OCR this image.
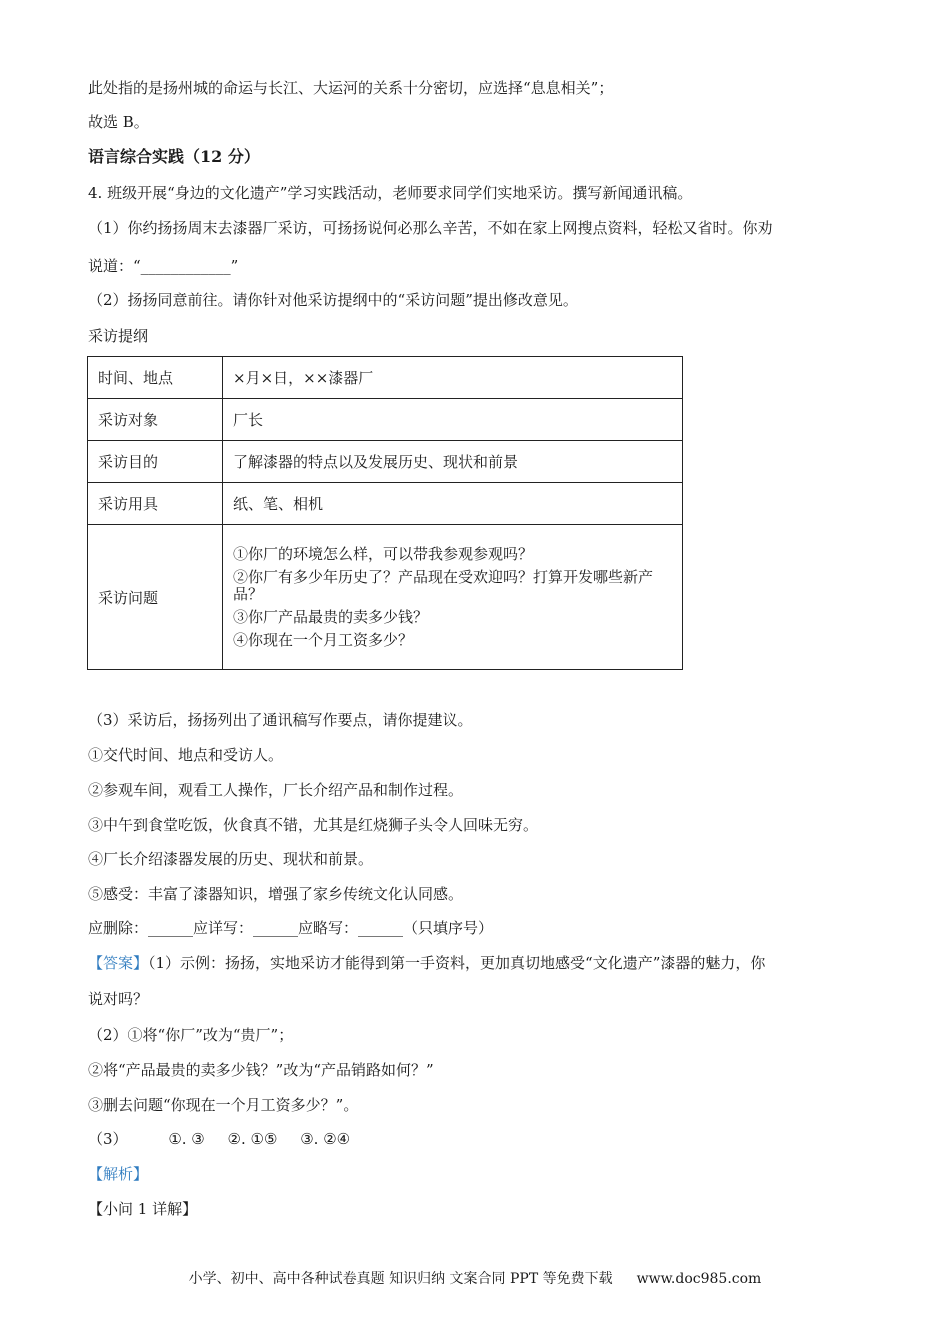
此处指的是扬州城的命运与长江、大运河的关系十分密切，应选择“息息相关”；
故选 B。
语言综合实践（12 分）
4. 班级开展“身边的文化遗产”学习实践活动，老师要求同学们实地采访。撰写新闻通讯稿。
（1）你约扬扬周末去漆器厂采访，可扬扬说何必那么辛苦，不如在家上网搜点资料，轻松又省时。你劝
说道：“____________”
（2）扬扬同意前往。请你针对他采访提纲中的“采访问题”提出修改意见。
采访提纲
时间、地点	×月×日，××漆器厂
采访对象	厂长
采访目的	了解漆器的特点以及发展历史、现状和前景
采访用具	纸、笔、相机
采访问题	①你厂的环境怎么样，可以带我参观参观吗？
②你厂有多少年历史了？产品现在受欢迎吗？打算开发哪些新产品？
③你厂产品最贵的卖多少钱？
④你现在一个月工资多少？
（3）采访后，扬扬列出了通讯稿写作要点，请你提建议。
①交代时间、地点和受访人。
②参观车间，观看工人操作，厂长介绍产品和制作过程。
③中午到食堂吃饭，伙食真不错，尤其是红烧狮子头令人回味无穷。
④厂长介绍漆器发展的历史、现状和前景。
⑤感受：丰富了漆器知识，增强了家乡传统文化认同感。
应删除：______应详写：______应略写：______（只填序号）
【答案】（1）示例：扬扬，实地采访才能得到第一手资料，更加真切地感受“文化遗产”漆器的魅力，你
说对吗？
（2）①将“你厂”改为“贵厂”；
②将“产品最贵的卖多少钱？”改为“产品销路如何？”
③删去问题“你现在一个月工资多少？”。
（3）	①. ③ ②. ①⑤ ③. ②④
【解析】
【小问 1 详解】
小学、初中、高中各种试卷真题 知识归纳 文案合同 PPT 等免费下载 www.doc985.com
